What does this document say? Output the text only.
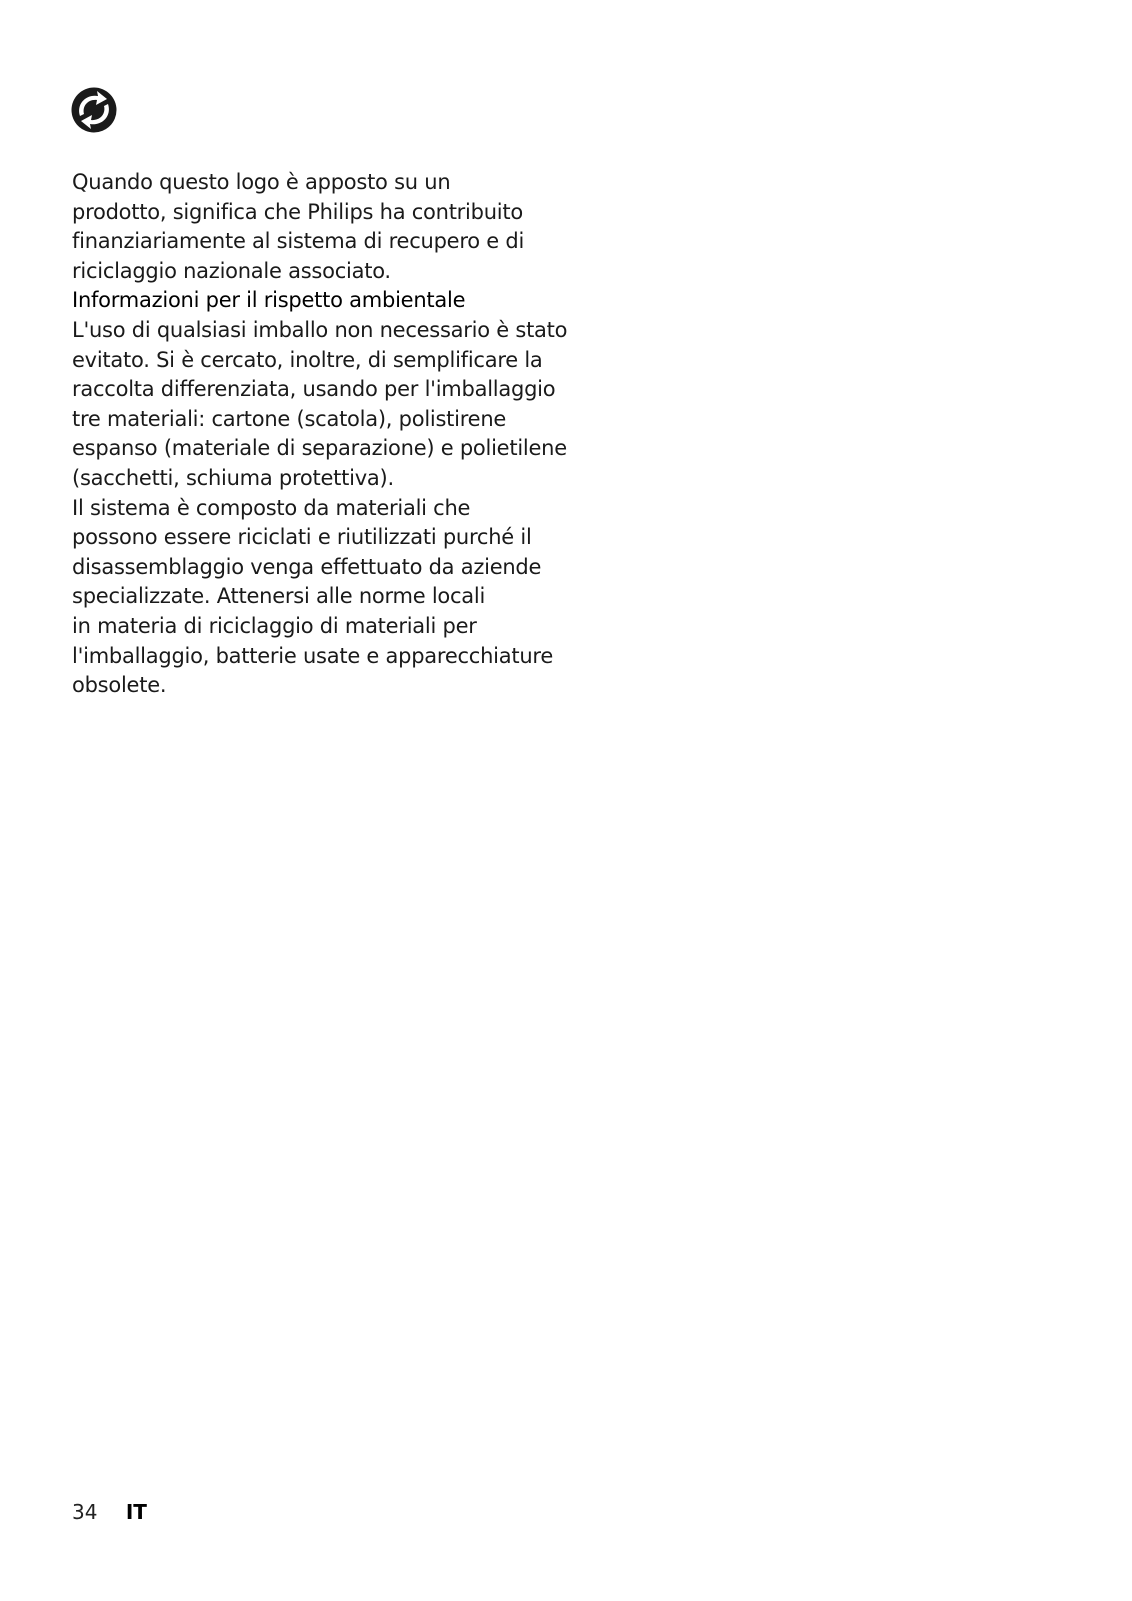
Quando questo logo è apposto su un
prodotto, significa che Philips ha contribuito
finanziariamente al sistema di recupero e di
riciclaggio nazionale associato.

Informazioni per il rispetto ambientale

L'uso di qualsiasi imballo non necessario è stato
evitato. Si è cercato, inoltre, di semplificare la
raccolta differenziata, usando per l'imballaggio
tre materiali: cartone (scatola), polistirene
espanso (materiale di separazione) e polietilene
(sacchetti, schiuma protettiva).

Il sistema è composto da materiali che
possono essere riciclati e riutilizzati purché il
disassemblaggio venga effettuato da aziende
specializzate. Attenersi alle norme locali
in materia di riciclaggio di materiali per
l'imballaggio, batterie usate e apparecchiature
obsolete.

34 IT
